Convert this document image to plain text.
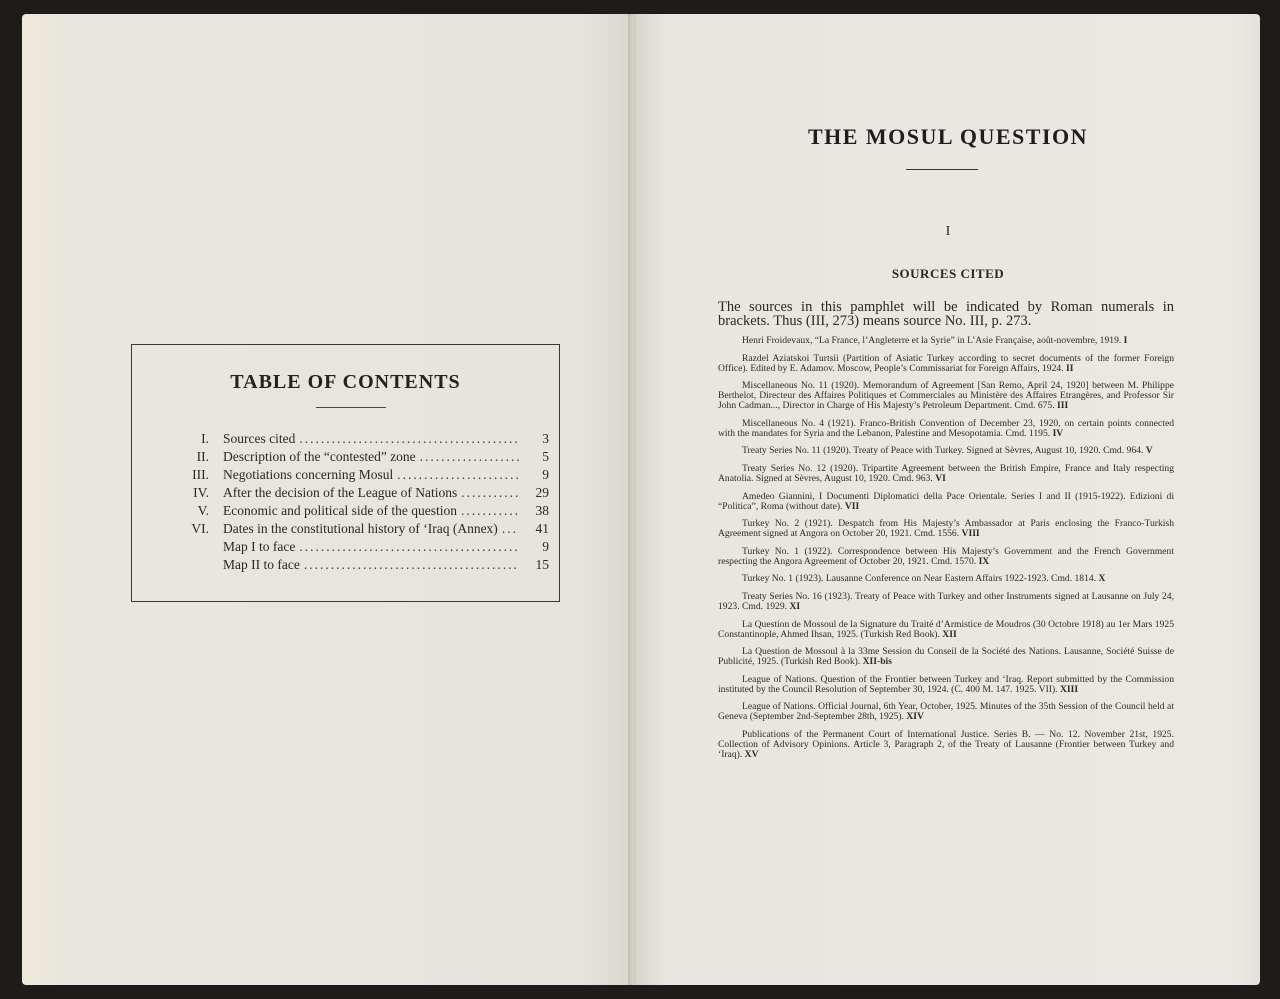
TABLE OF CONTENTS
I.	Sources cited .....	3
II.	Description of the “contested” zone .....	5
III.	Negotiations concerning Mosul .....	9
IV.	After the decision of the League of Nations .....	29
V.	Economic and political side of the question .....	38
VI.	Dates in the constitutional history of ‘Iraq (Annex) .....	41
Map I to face .....	9
Map II to face .....	15
THE MOSUL QUESTION
I
SOURCES CITED
The sources in this pamphlet will be indicated by Roman numerals in brackets. Thus (III, 273) means source No. III, p. 273.

Henri Froidevaux, “La France, l’Angleterre et la Syrie” in L’Asie Française, août-novembre, 1919. I

Razdel Aziatskoi Turtsii (Partition of Asiatic Turkey according to secret documents of the former Foreign Office). Edited by E. Adamov. Moscow, People’s Commissariat for Foreign Affairs, 1924. II

Miscellaneous No. 11 (1920). Memorandum of Agreement [San Remo, April 24, 1920] between M. Philippe Berthelot, Directeur des Affaires Politiques et Commerciales au Ministère des Affaires Etrangères, and Professor Sir John Cadman..., Director in Charge of His Majesty’s Petroleum Department. Cmd. 675. III

Miscellaneous No. 4 (1921). Franco-British Convention of December 23, 1920, on certain points connected with the mandates for Syria and the Lebanon, Palestine and Mesopotamia. Cmd. 1195. IV

Treaty Series No. 11 (1920). Treaty of Peace with Turkey. Signed at Sèvres, August 10, 1920. Cmd. 964. V

Treaty Series No. 12 (1920). Tripartite Agreement between the British Empire, France and Italy respecting Anatolia. Signed at Sèvres, August 10, 1920. Cmd. 963. VI

Amedeo Giannini, I Documenti Diplomatici della Pace Orientale. Series I and II (1915-1922). Edizioni di “Politica”, Roma (without date). VII

Turkey No. 2 (1921). Despatch from His Majesty’s Ambassador at Paris enclosing the Franco-Turkish Agreement signed at Angora on October 20, 1921. Cmd. 1556. VIII

Turkey No. 1 (1922). Correspondence between His Majesty’s Government and the French Government respecting the Angora Agreement of October 20, 1921. Cmd. 1570. IX

Turkey No. 1 (1923). Lausanne Conference on Near Eastern Affairs 1922-1923. Cmd. 1814. X

Treaty Series No. 16 (1923). Treaty of Peace with Turkey and other Instruments signed at Lausanne on July 24, 1923. Cmd. 1929. XI

La Question de Mossoul de la Signature du Traité d’Armistice de Moudros (30 Octobre 1918) au 1er Mars 1925 Constantinople, Ahmed Ihsan, 1925. (Turkish Red Book). XII

La Question de Mossoul à la 33me Session du Conseil de la Société des Nations. Lausanne, Société Suisse de Publicité, 1925. (Turkish Red Book). XII-bis

League of Nations. Question of the Frontier between Turkey and ‘Iraq. Report submitted by the Commission instituted by the Council Resolution of September 30, 1924. (C. 400 M. 147. 1925. VII). XIII

League of Nations. Official Journal, 6th Year, October, 1925. Minutes of the 35th Session of the Council held at Geneva (September 2nd-September 28th, 1925). XIV

Publications of the Permanent Court of International Justice. Series B. — No. 12. November 21st, 1925. Collection of Advisory Opinions. Article 3, Paragraph 2, of the Treaty of Lausanne (Frontier between Turkey and ‘Iraq). XV
